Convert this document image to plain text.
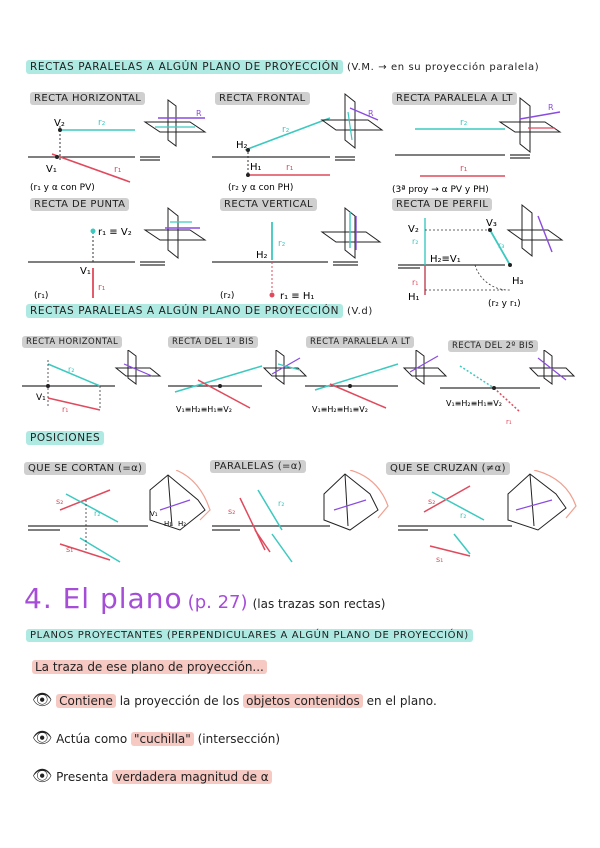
RECTAS PARALELAS A ALGÚN PLANO DE PROYECCIÓN (V.M. → en su proyección paralela)
RECTA HORIZONTAL	RECTA FRONTAL	RECTA PARALELA A LT
RECTA DE PUNTA	RECTA VERTICAL	RECTA DE PERFIL
V₂
V₁
r₂
r₁
(r₁ y α con PV)
R
H₂
H₁
r₂
r₁
(r₂ y α con PH)
R
r₂
r₁
(3ª proy → α PV y PH)
R
r₁ ≡ V₂
V₁
r₁
(r₁)
H₂
r₂
r₁ ≡ H₁
(r₂)
V₂
V₃
H₂≡V₁
H₃
H₁
r₃
r₂
r₁
(r₂ y r₁)
RECTAS PARALELAS A ALGÚN PLANO DE PROYECCIÓN (V.d)
RECTA HORIZONTAL	RECTA DEL 1º BIS	RECTA PARALELA A LT	RECTA DEL 2º BIS
V₁
r₂
r₁	V₁≡H₂≡H₁≡V₂	V₁≡H₂≡H₁≡V₂
V₁≡H₂≡H₁≡V₂
r₁
POSICIONES
QUE SE CORTAN (=α)	PARALELAS (=α)	QUE SE CRUZAN (≠α)
s₂
r₂
s₁
V₁
H₁ H₂
s₂
r₂	s₂
r₂
s₁
4. El plano (p. 27) (las trazas son rectas)
PLANOS PROYECTANTES (PERPENDICULARES A ALGÚN PLANO DE PROYECCIÓN)
La traza de ese plano de proyección...
👁 Contiene la proyección de los objetos contenidos en el plano.
👁 Actúa como "cuchilla" (intersección)
👁 Presenta verdadera magnitud de α
